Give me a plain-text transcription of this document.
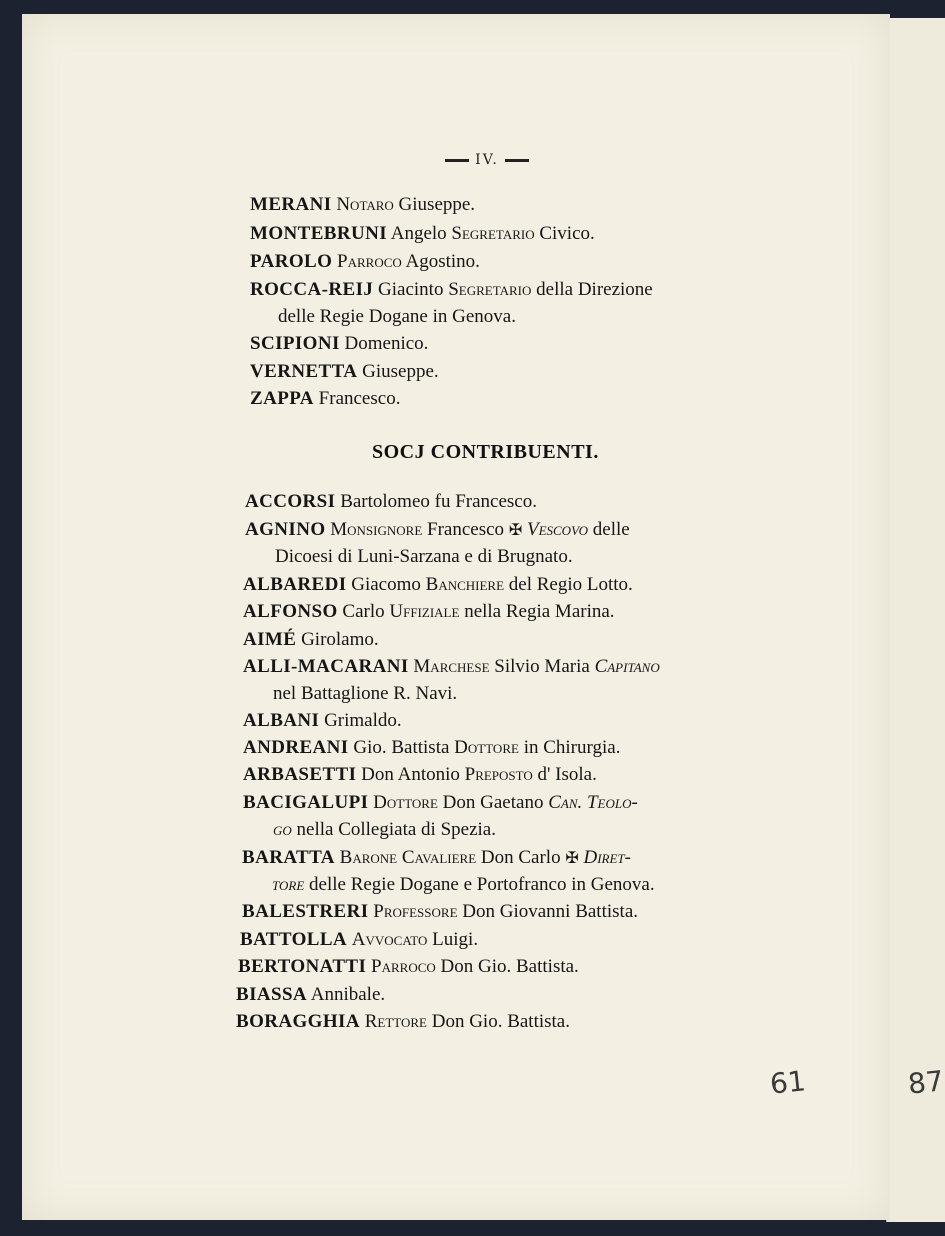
IV.
SOCJ CONTRIBUENTI.
MERANI Notaro Giuseppe.
MONTEBRUNI Angelo Segretario Civico.
PAROLO Parroco Agostino.
ROCCA-REIJ Giacinto Segretario della Direzione
delle Regie Dogane in Genova.
SCIPIONI Domenico.
VERNETTA Giuseppe.
ZAPPA Francesco.
ACCORSI Bartolomeo fu Francesco.
AGNINO Monsignore Francesco ✠ Vescovo delle
Dicoesi di Luni-Sarzana e di Brugnato.
ALBAREDI Giacomo Banchiere del Regio Lotto.
ALFONSO Carlo Uffiziale nella Regia Marina.
AIMÉ Girolamo.
ALLI-MACARANI Marchese Silvio Maria Capitano
nel Battaglione R. Navi.
ALBANI Grimaldo.
ANDREANI Gio. Battista Dottore in Chirurgia.
ARBASETTI Don Antonio Preposto d' Isola.
BACIGALUPI Dottore Don Gaetano Can. Teolo-
go nella Collegiata di Spezia.
BARATTA Barone Cavaliere Don Carlo ✠ Diret-
tore delle Regie Dogane e Portofranco in Genova.
BALESTRERI Professore Don Giovanni Battista.
BATTOLLA Avvocato Luigi.
BERTONATTI Parroco Don Gio. Battista.
BIASSA Annibale.
BORAGGHIA Rettore Don Gio. Battista.
61	87
